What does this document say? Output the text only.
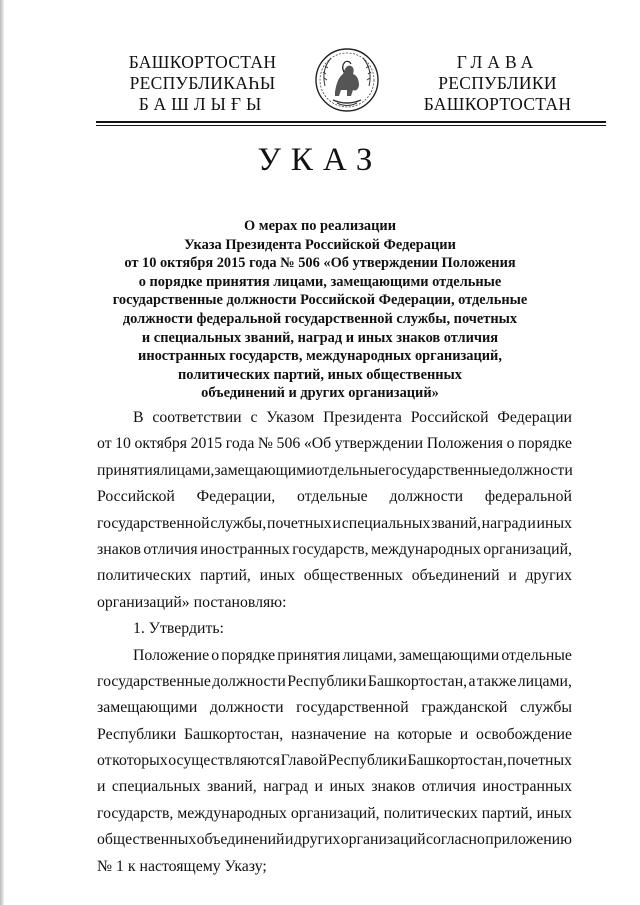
БАШКОРТОСТАН
РЕСПУБЛИКАҺЫ
БАШЛЫҒЫ
ГЛАВА
РЕСПУБЛИКИ
БАШКОРТОСТАН
УКАЗ
О мерах по реализации
Указа Президента Российской Федерации
от 10 октября 2015 года № 506 «Об утверждении Положения
о порядке принятия лицами, замещающими отдельные
государственные должности Российской Федерации, отдельные
должности федеральной государственной службы, почетных
и специальных званий, наград и иных знаков отличия
иностранных государств, международных организаций,
политических партий, иных общественных
объединений и других организаций»
В соответствии с Указом Президента Российской Федерации
от 10 октября 2015 года № 506 «Об утверждении Положения о порядке
принятия лицами, замещающими отдельные государственные должности
Российской Федерации, отдельные должности федеральной
государственной службы, почетных и специальных званий, наград и иных
знаков отличия иностранных государств, международных организаций,
политических партий, иных общественных объединений и других
организаций» постановляю:
1. Утвердить:
Положение о порядке принятия лицами, замещающими отдельные
государственные должности Республики Башкортостан, а также лицами,
замещающими должности государственной гражданской службы
Республики Башкортостан, назначение на которые и освобождение
от которых осуществляются Главой Республики Башкортостан, почетных
и специальных званий, наград и иных знаков отличия иностранных
государств, международных организаций, политических партий, иных
общественных объединений и других организаций согласно приложению
№ 1 к настоящему Указу;
